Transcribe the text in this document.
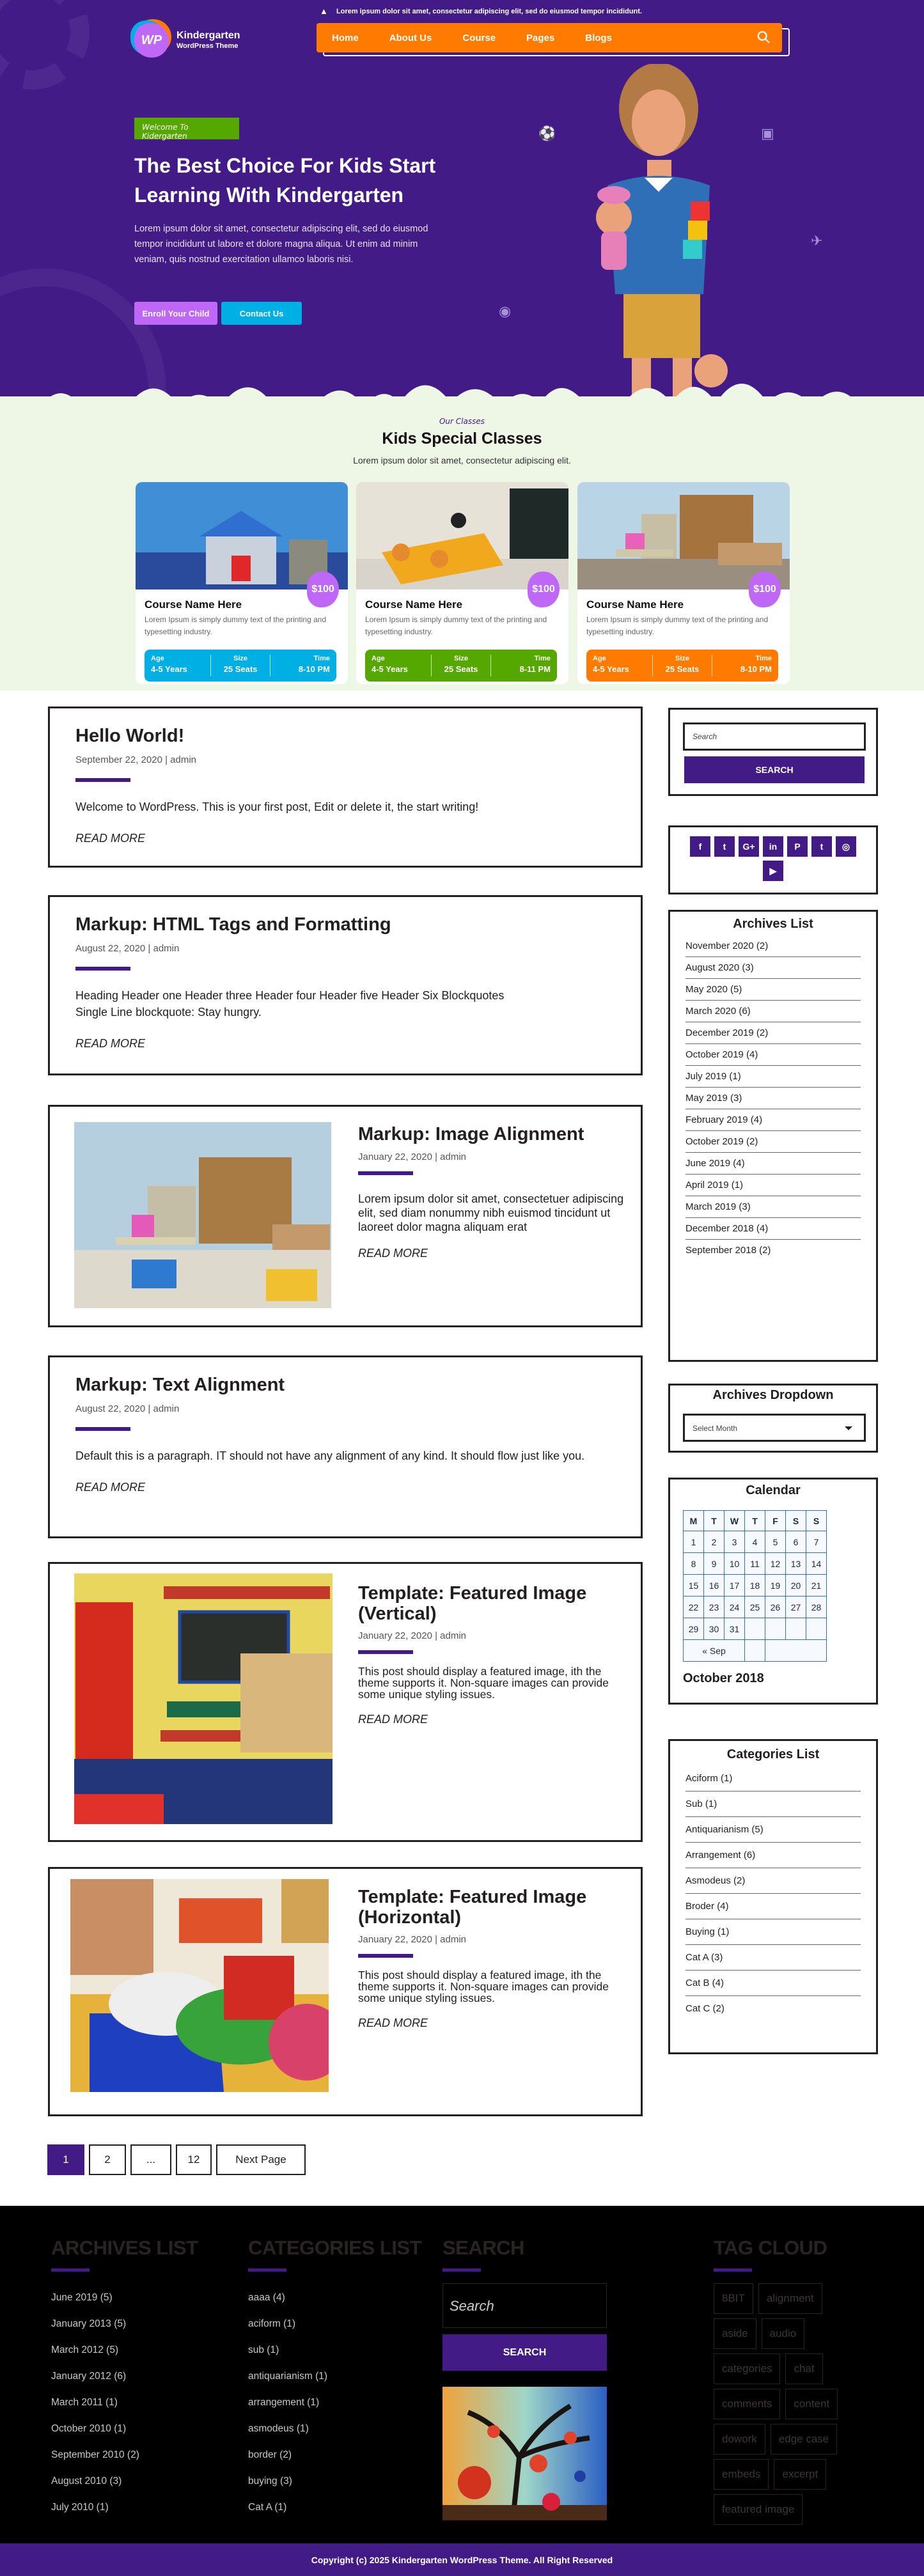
▲ Lorem ipsum dolor sit amet, consectetur adipiscing elit, sed do eiusmod tempor incididunt.
WP	Kindergarten
WordPress Theme
Home	About Us	Course	Pages	Blogs
Welcome To Kidergarten
The Best Choice For Kids Start Learning With Kindergarten

Lorem ipsum dolor sit amet, consectetur adipiscing elit, sed do eiusmod tempor incididunt ut labore et dolore magna aliqua. Ut enim ad minim veniam, quis nostrud exercitation ullamco laboris nisi.

Enroll Your Child	Contact Us
⚽	▣
✈
◉
Our Classes
Kids Special Classes
Lorem ipsum dolor sit amet, consectetur adipiscing elit.
$100
Course Name Here
Lorem Ipsum is simply dummy text of the printing and typesetting industry.
Age
4-5 Years
Size
25 Seats
Time
8-10 PM
$100
Course Name Here
Lorem Ipsum is simply dummy text of the printing and typesetting industry.
Age
4-5 Years
Size
25 Seats
Time
8-11 PM
$100
Course Name Here
Lorem Ipsum is simply dummy text of the printing and typesetting industry.
Age
4-5 Years
Size
25 Seats
Time
8-10 PM
Hello World!
September 22, 2020 | admin

Welcome to WordPress. This is your first post, Edit or delete it, the start writing!

READ MORE
Markup: HTML Tags and Formatting
August 22, 2020 | admin

Heading Header one Header three Header four Header five Header Six Blockquotes Single Line blockquote: Stay hungry.

READ MORE
Markup: Image Alignment
January 22, 2020 | admin

Lorem ipsum dolor sit amet, consectetuer adipiscing elit, sed diam nonummy nibh euismod tincidunt ut laoreet dolor magna aliquam erat

READ MORE
Markup: Text Alignment
August 22, 2020 | admin

Default this is a paragraph. IT should not have any alignment of any kind. It should flow just like you.

READ MORE
Template: Featured Image (Vertical)
January 22, 2020 | admin

This post should display a featured image, ith the theme supports it. Non-square images can provide some unique styling issues.

READ MORE
Template: Featured Image (Horizontal)
January 22, 2020 | admin

This post should display a featured image, ith the theme supports it. Non-square images can provide some unique styling issues.

READ MORE
Search
SEARCH
f	t	G+	in	P	t	◎
▶
Archives List
November 2020 (2)
August 2020 (3)
May 2020 (5)
March 2020 (6)
December 2019 (2)
October 2019 (4)
July 2019 (1)
May 2019 (3)
February 2019 (4)
October 2019 (2)
June 2019 (4)
April 2019 (1)
March 2019 (3)
December 2018 (4)
September 2018 (2)
Archives Dropdown
Select Month
Calendar
M	T	W	T	F	S	S
1	2	3	4	5	6	7
8	9	10	11	12	13	14
15	16	17	18	19	20	21
22	23	24	25	26	27	28
29	30	31				
« Sep						
October 2018
Categories List
Aciform (1)
Sub (1)
Antiquarianism (5)
Arrangement (6)
Asmodeus (2)
Broder (4)
Buying (1)
Cat A (3)
Cat B (4)
Cat C (2)
1	2	...	12	Next Page
ARCHIVES LIST
June 2019 (5)
January 2013 (5)
March 2012 (5)
January 2012 (6)
March 2011 (1)
October 2010 (1)
September 2010 (2)
August 2010 (3)
July 2010 (1)
CATEGORIES LIST
aaaa (4)
aciform (1)
sub (1)
antiquarianism (1)
arrangement (1)
asmodeus (1)
border (2)
buying (3)
Cat A (1)
SEARCH
Search
SEARCH
TAG CLOUD
8BIT	alignment
aside	audio
categories	chat
comments	content
dowork	edge case
embeds	excerpt
featured image
Copyright (c) 2025 Kindergarten WordPress Theme. All Right Reserved
